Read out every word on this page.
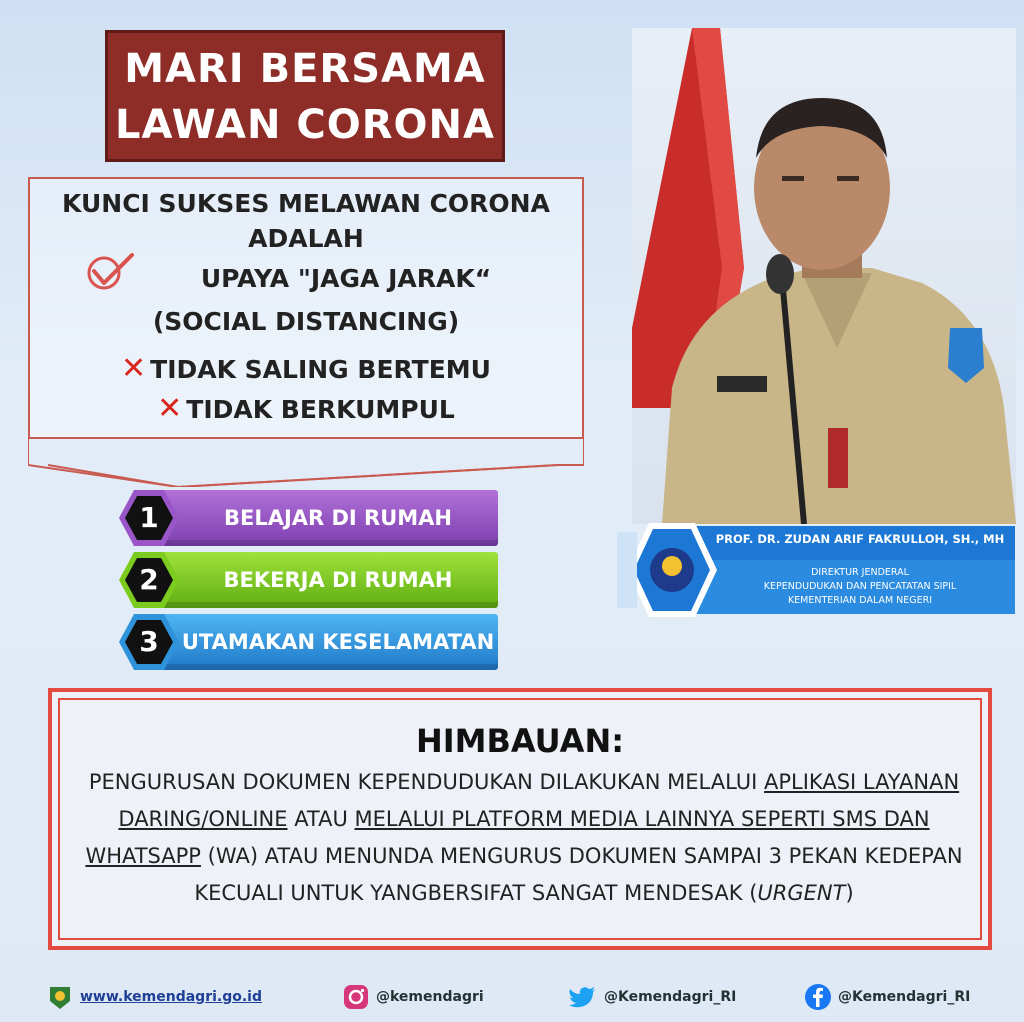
MARI BERSAMA
LAWAN CORONA
KUNCI SUKSES MELAWAN CORONA
ADALAH
UPAYA "JAGA JARAK“
(SOCIAL DISTANCING)
✕ TIDAK SALING BERTEMU
✕ TIDAK BERKUMPUL
BELAJAR DI RUMAH
1
BEKERJA DI RUMAH
2
UTAMAKAN KESELAMATAN
3
PROF. DR. ZUDAN ARIF FAKRULLOH, SH., MH
DIREKTUR JENDERAL
KEPENDUDUKAN DAN PENCATATAN SIPIL
KEMENTERIAN DALAM NEGERI
HIMBAUAN:
PENGURUSAN DOKUMEN KEPENDUDUKAN DILAKUKAN MELALUI APLIKASI LAYANAN DARING/ONLINE ATAU MELALUI PLATFORM MEDIA LAINNYA SEPERTI SMS DAN WHATSAPP (WA) ATAU MENUNDA MENGURUS DOKUMEN SAMPAI 3 PEKAN KEDEPAN KECUALI UNTUK YANGBERSIFAT SANGAT MENDESAK (URGENT)
www.kemendagri.go.id	@kemendagri	@Kemendagri_RI	@Kemendagri_RI
